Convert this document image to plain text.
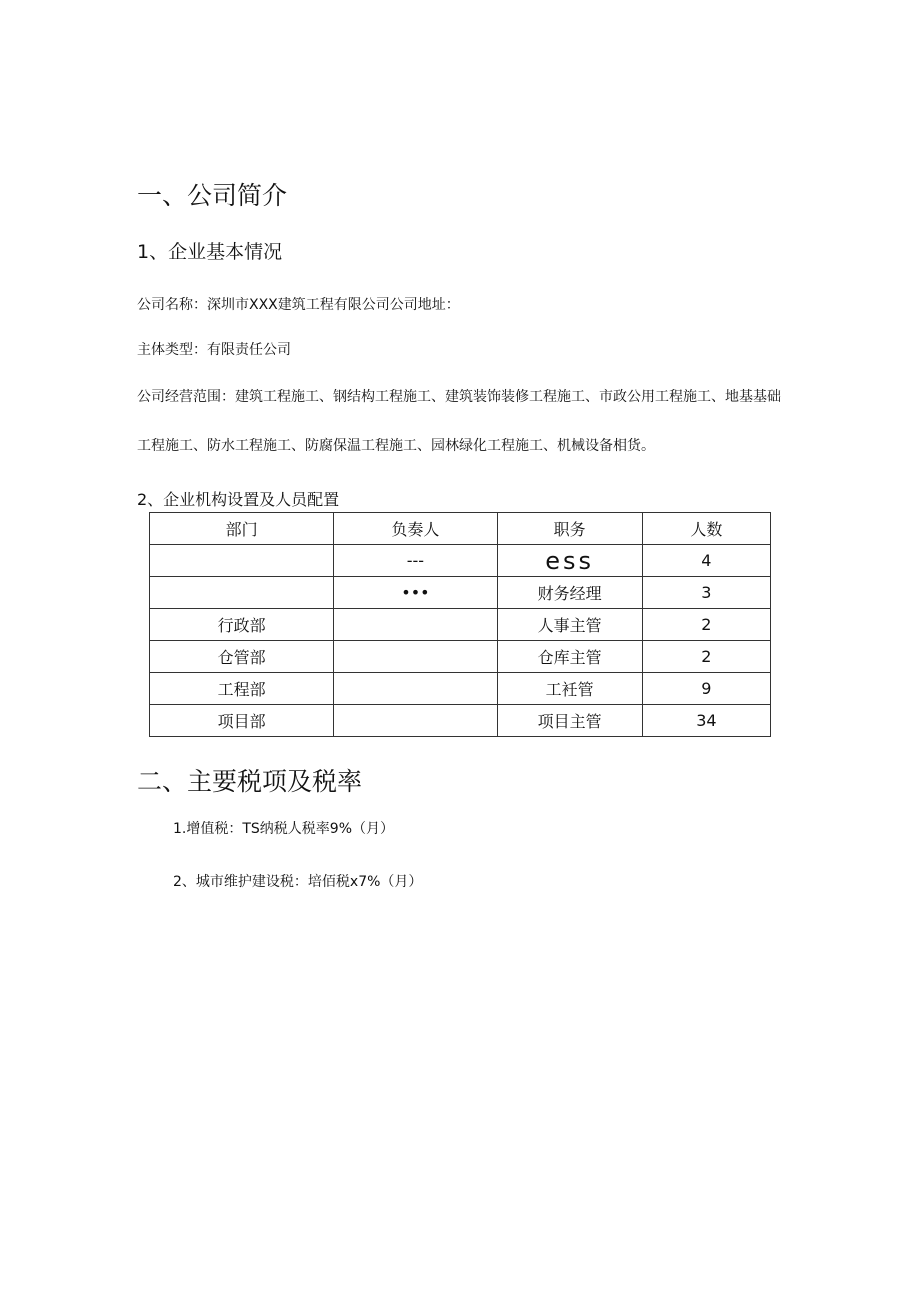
一、公司简介
1、企业基本情况
公司名称：深圳市XXX建筑工程有限公司公司地址：
主体类型：有限责任公司
公司经营范围：建筑工程施工、钢结构工程施工、建筑装饰装修工程施工、市政公用工程施工、地基基础
工程施工、防水工程施工、防腐保温工程施工、园林绿化工程施工、机械设备相货。
2、企业机构设置及人员配置
部门	负奏人	职务	人数
	---	ess	4
	•••	财务经理	3
行政部		人事主管	2
仓管部		仓库主管	2
工程部		工衽管	9
项目部		项目主管	34
二、主要税项及税率
1.增值税：TS纳税人税率9%（月）
2、城市维护建设税：培佰税x7%（月）
